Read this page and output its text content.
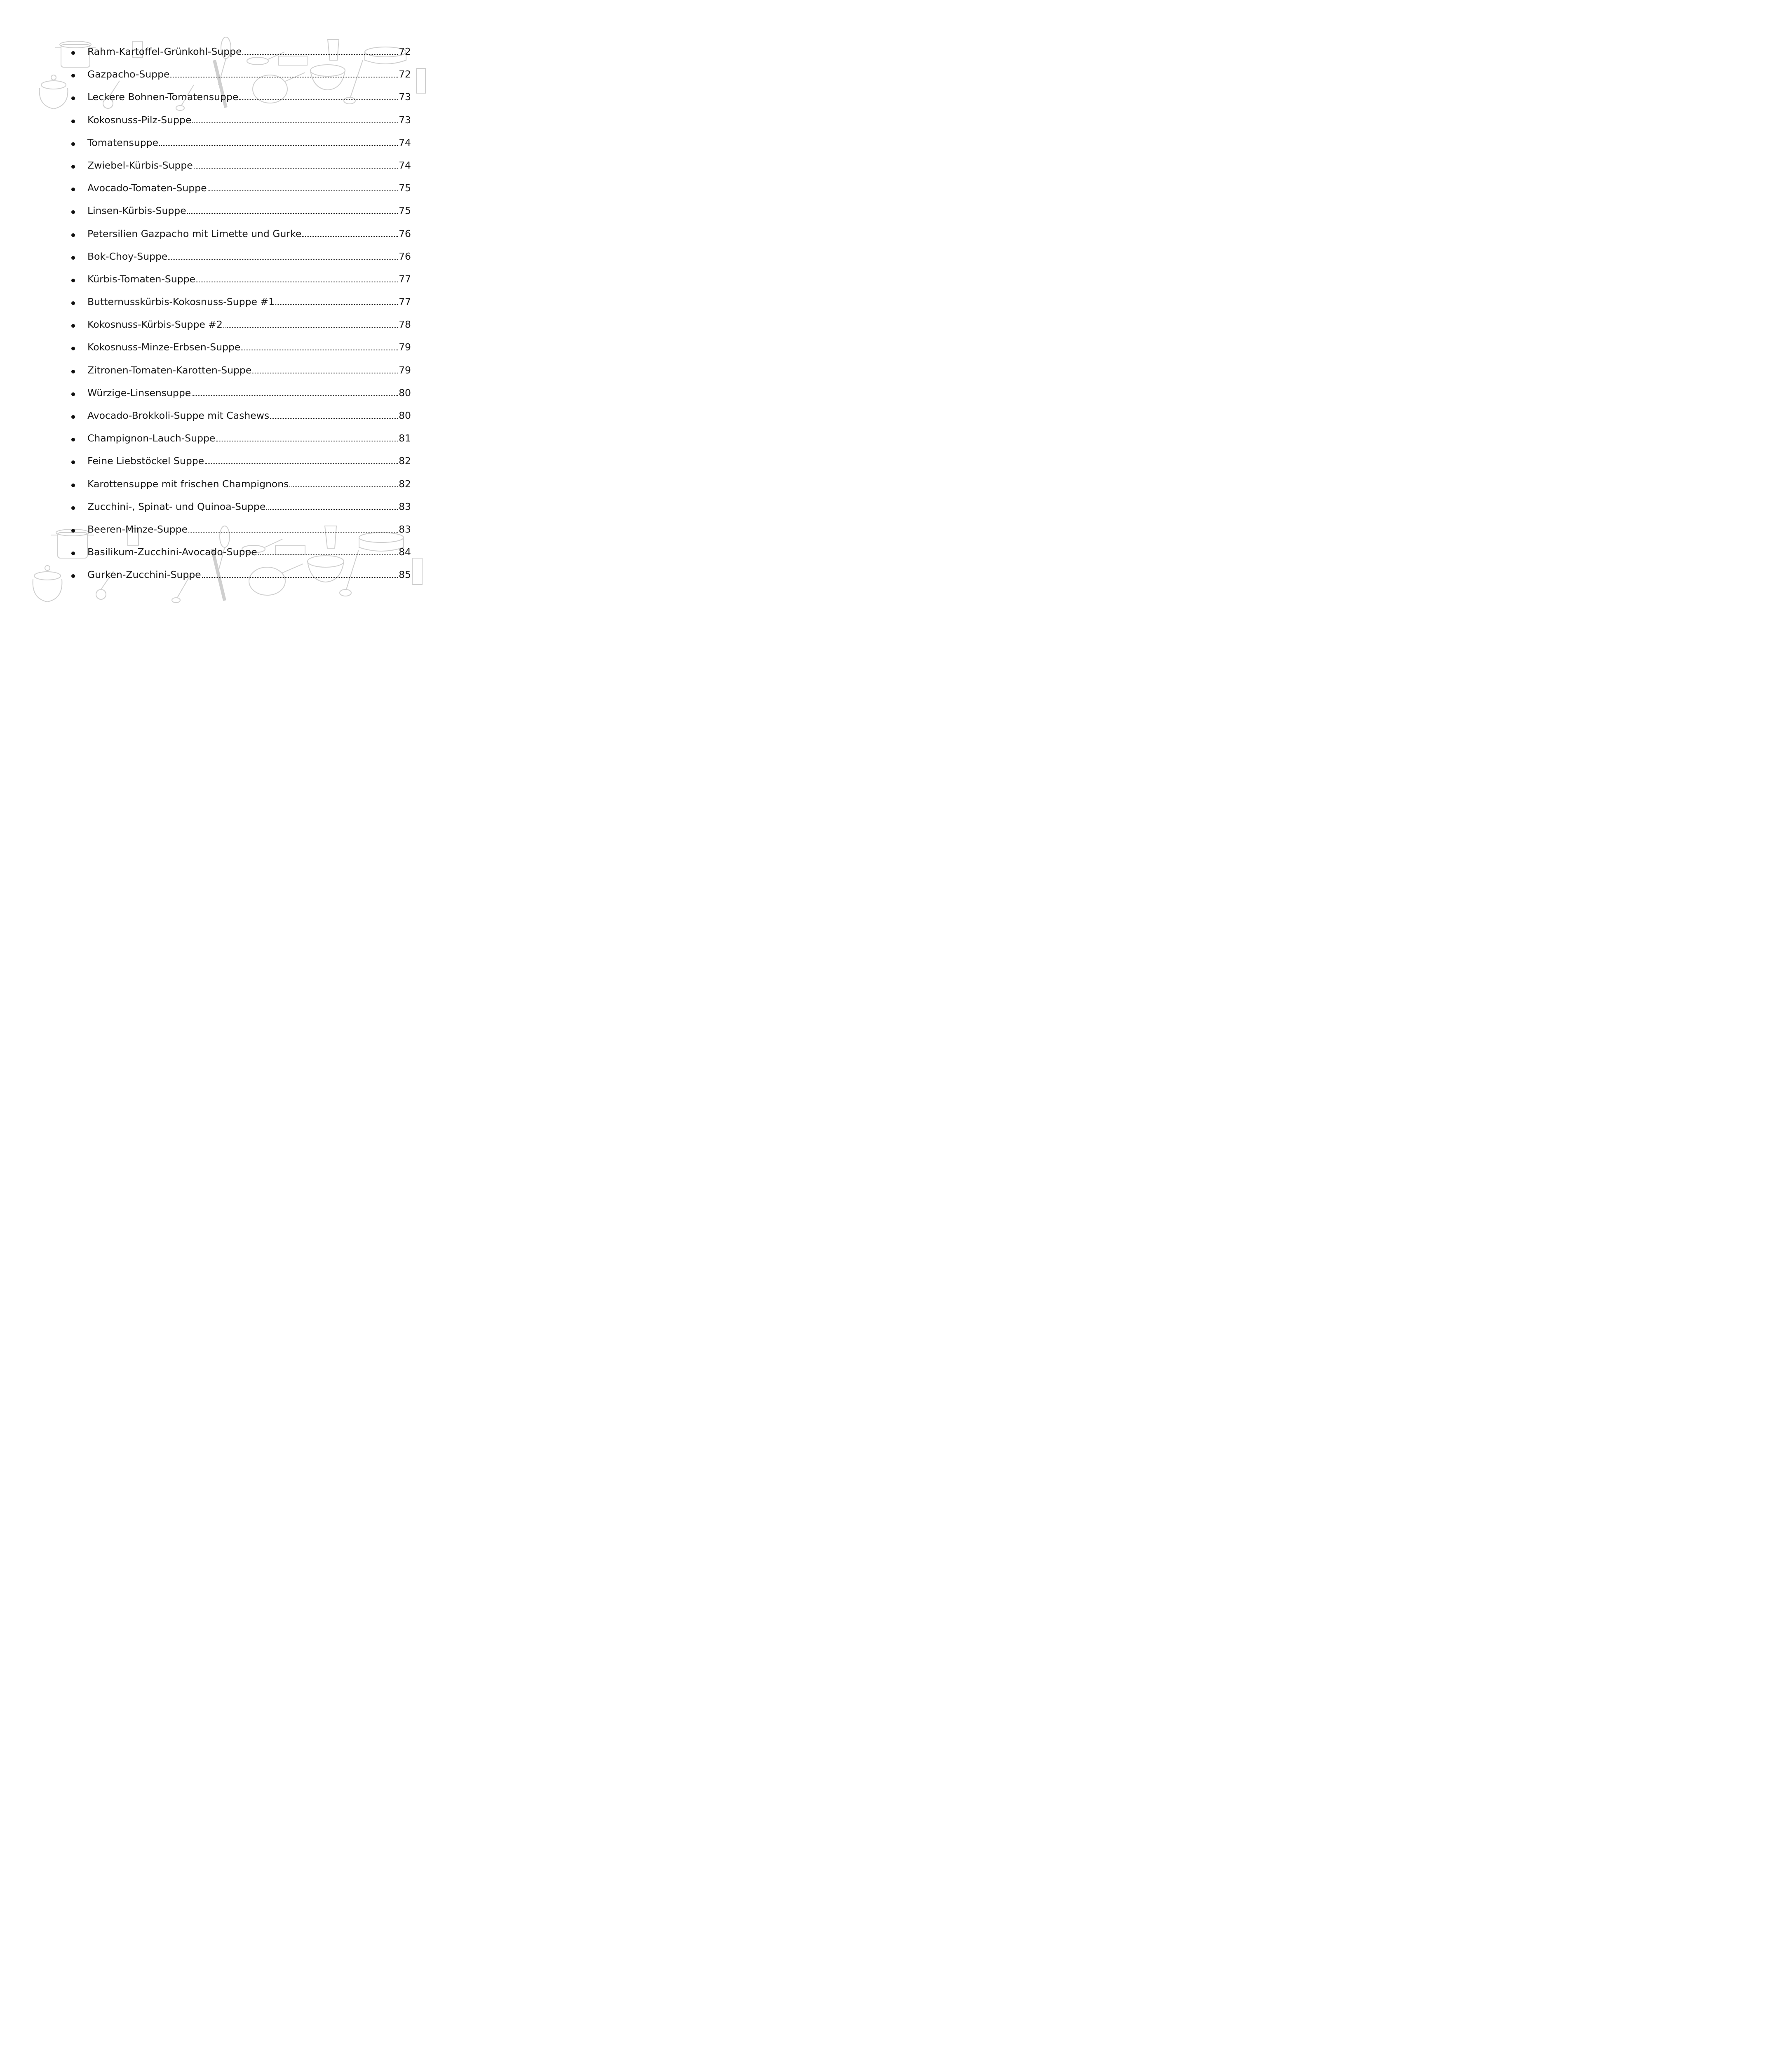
Rahm-Kartoffel-Grünkohl-Suppe	72
Gazpacho-Suppe	72
Leckere Bohnen-Tomatensuppe	73
Kokosnuss-Pilz-Suppe	73
Tomatensuppe	74
Zwiebel-Kürbis-Suppe	74
Avocado-Tomaten-Suppe	75
Linsen-Kürbis-Suppe	75
Petersilien Gazpacho mit Limette und Gurke	76
Bok-Choy-Suppe	76
Kürbis-Tomaten-Suppe	77
Butternusskürbis-Kokosnuss-Suppe #1	77
Kokosnuss-Kürbis-Suppe #2	78
Kokosnuss-Minze-Erbsen-Suppe	79
Zitronen-Tomaten-Karotten-Suppe	79
Würzige-Linsensuppe	80
Avocado-Brokkoli-Suppe mit Cashews	80
Champignon-Lauch-Suppe	81
Feine Liebstöckel Suppe	82
Karottensuppe mit frischen Champignons	82
Zucchini-, Spinat- und Quinoa-Suppe	83
Beeren-Minze-Suppe	83
Basilikum-Zucchini-Avocado-Suppe	84
Gurken-Zucchini-Suppe	85
